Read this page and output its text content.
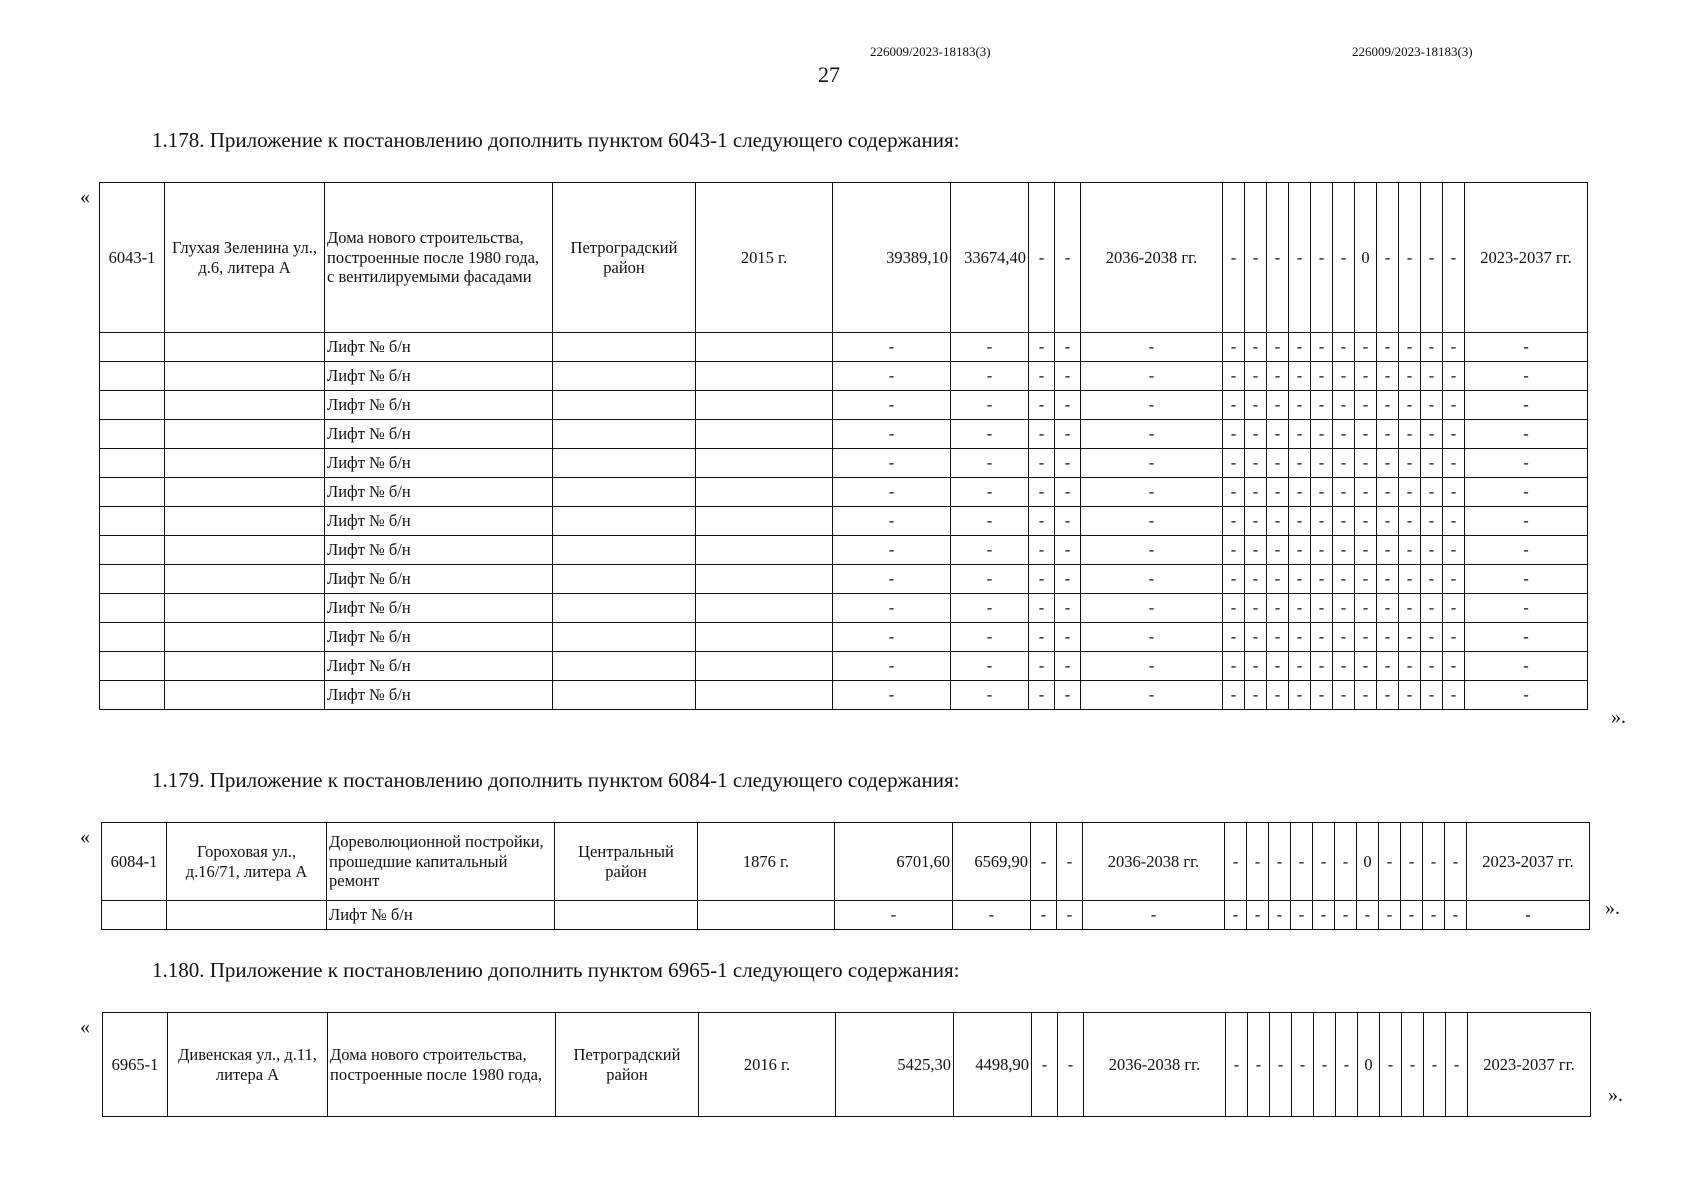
226009/2023-18183(3)	226009/2023-18183(3)
27
1.178. Приложение к постановлению дополнить пунктом 6043-1 следующего содержания:
«
6043-1	Глухая Зеленина ул., д.6, литера А	Дома нового строительства, построенные после 1980 года, с вентилируемыми фасадами	Петроградский район	2015 г.	39389,10	33674,40	-	-	2036-2038 гг.	-	-	-	-	-	-	0	-	-	-	-	2023-2037 гг.
		Лифт № б/н			-	-	-	-	-	-	-	-	-	-	-	-	-	-	-	-	-
		Лифт № б/н			-	-	-	-	-	-	-	-	-	-	-	-	-	-	-	-	-
		Лифт № б/н			-	-	-	-	-	-	-	-	-	-	-	-	-	-	-	-	-
		Лифт № б/н			-	-	-	-	-	-	-	-	-	-	-	-	-	-	-	-	-
		Лифт № б/н			-	-	-	-	-	-	-	-	-	-	-	-	-	-	-	-	-
		Лифт № б/н			-	-	-	-	-	-	-	-	-	-	-	-	-	-	-	-	-
		Лифт № б/н			-	-	-	-	-	-	-	-	-	-	-	-	-	-	-	-	-
		Лифт № б/н			-	-	-	-	-	-	-	-	-	-	-	-	-	-	-	-	-
		Лифт № б/н			-	-	-	-	-	-	-	-	-	-	-	-	-	-	-	-	-
		Лифт № б/н			-	-	-	-	-	-	-	-	-	-	-	-	-	-	-	-	-
		Лифт № б/н			-	-	-	-	-	-	-	-	-	-	-	-	-	-	-	-	-
		Лифт № б/н			-	-	-	-	-	-	-	-	-	-	-	-	-	-	-	-	-
		Лифт № б/н			-	-	-	-	-	-	-	-	-	-	-	-	-	-	-	-	-
».
1.179. Приложение к постановлению дополнить пунктом 6084-1 следующего содержания:
«
6084-1	Гороховая ул., д.16/71, литера А	Дореволюционной постройки, прошедшие капитальный ремонт	Центральный район	1876 г.	6701,60	6569,90	-	-	2036-2038 гг.	-	-	-	-	-	-	0	-	-	-	-	2023-2037 гг.
		Лифт № б/н			-	-	-	-	-	-	-	-	-	-	-	-	-	-	-	-	-	».
1.180. Приложение к постановлению дополнить пунктом 6965-1 следующего содержания:
«
6965-1	Дивенская ул., д.11, литера А	Дома нового строительства, построенные после 1980 года,	Петроградский район	2016 г.	5425,30	4498,90	-	-	2036-2038 гг.	-	-	-	-	-	-	0	-	-	-	-	2023-2037 гг.
».
